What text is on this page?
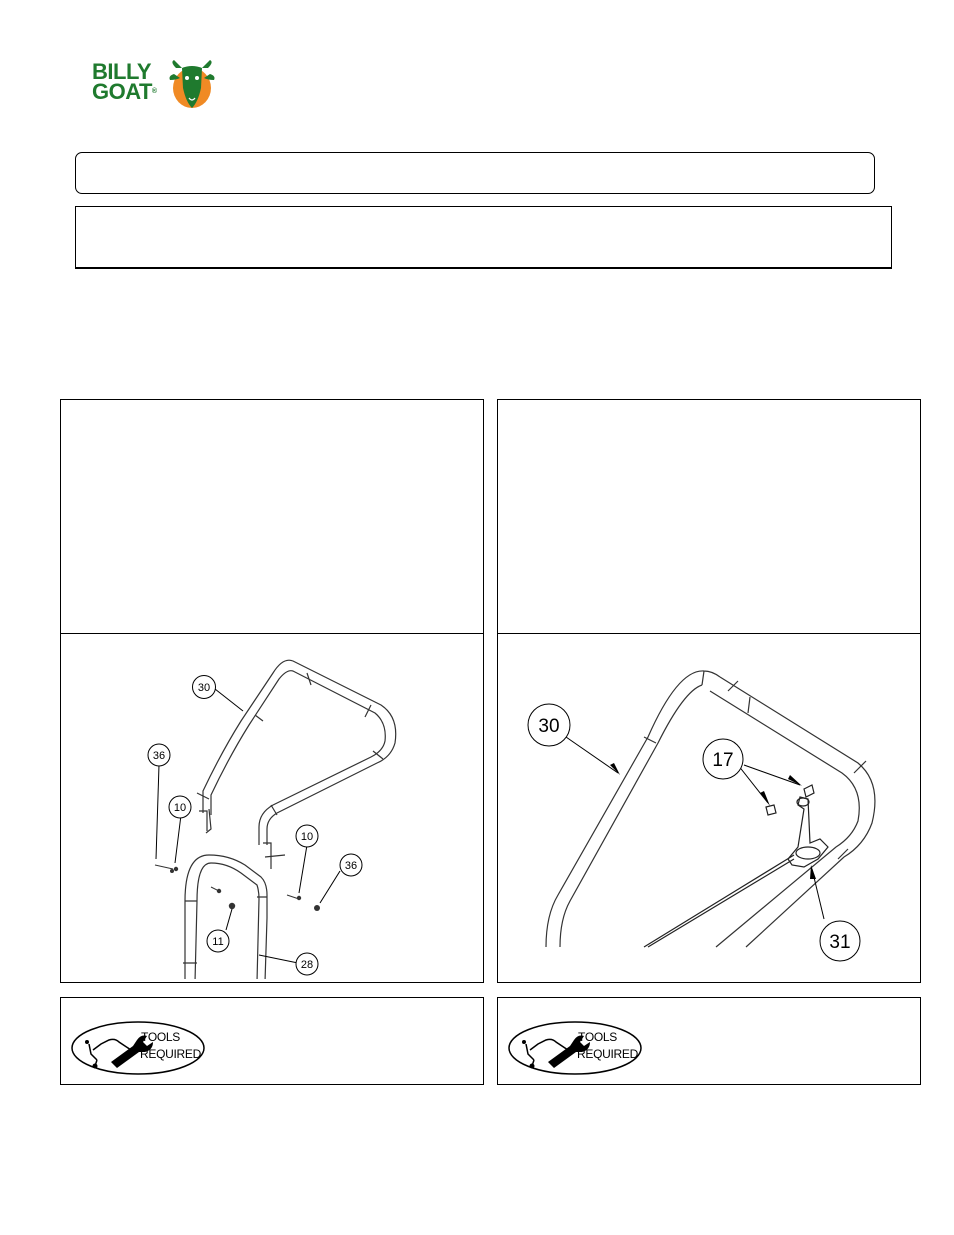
BILLY
GOAT®
30
36
10
10
36
11
28
30
17
31
TOOLS
REQUIRED
TOOLS
REQUIRED
